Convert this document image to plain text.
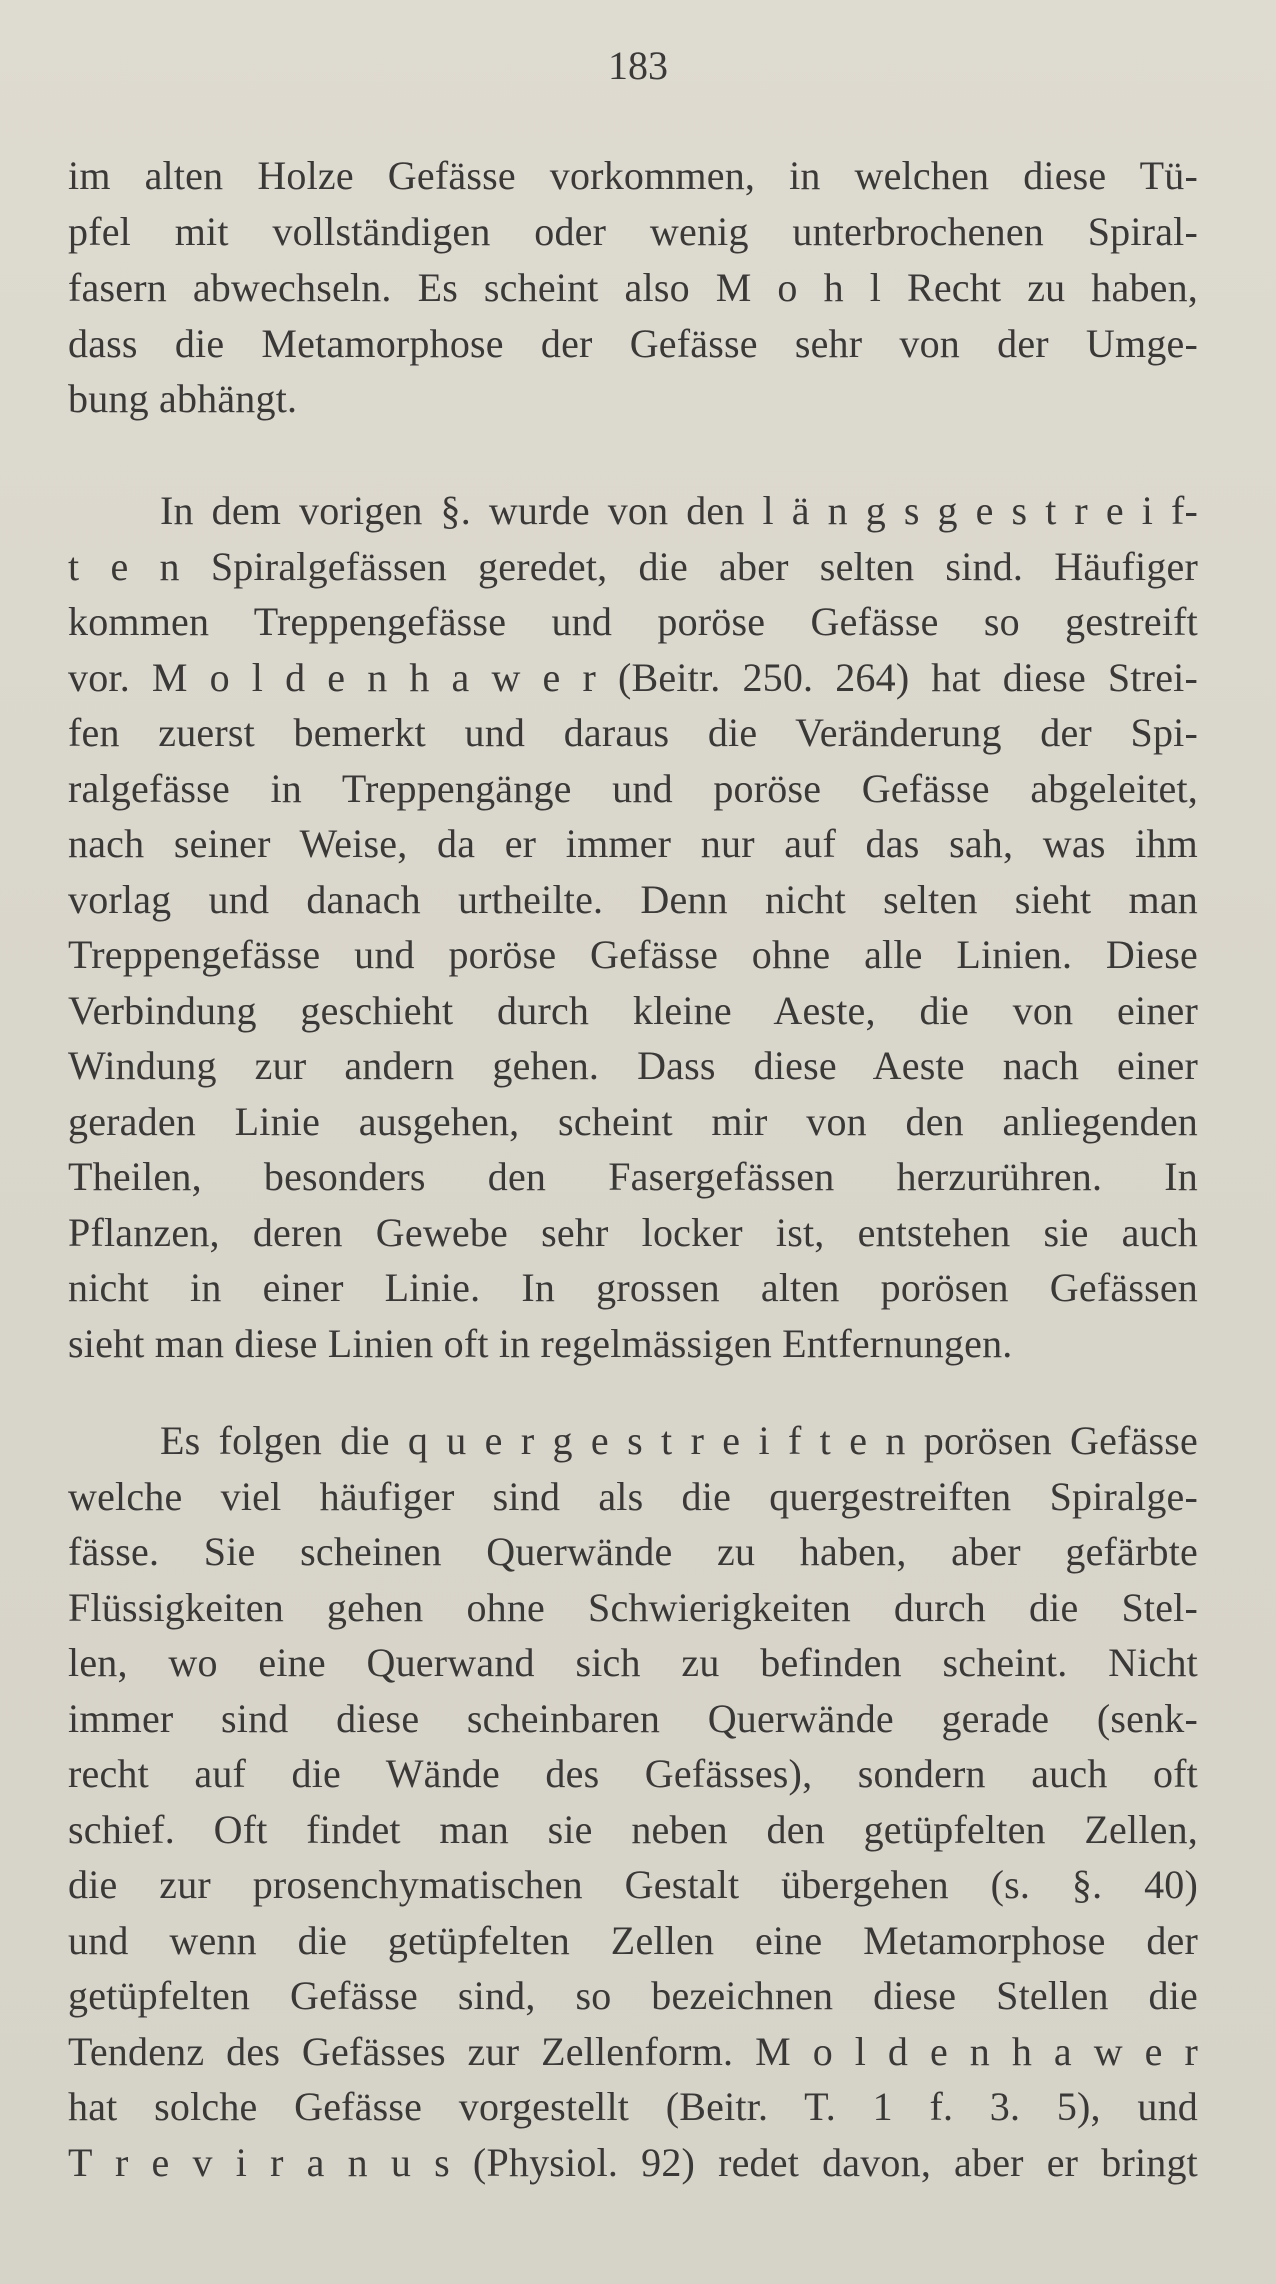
183
im alten Holze Gefässe vorkommen, in welchen diese Tü-
pfel mit vollständigen oder wenig unterbrochenen Spiral-
fasern abwechseln. Es scheint also M o h l Recht zu haben,
dass die Metamorphose der Gefässe sehr von der Umge-
bung abhängt.
In dem vorigen §. wurde von den l ä n g s g e s t r e i f-
t e n Spiralgefässen geredet, die aber selten sind. Häufiger
kommen Treppengefässe und poröse Gefässe so gestreift
vor. M o l d e n h a w e r (Beitr. 250. 264) hat diese Strei-
fen zuerst bemerkt und daraus die Veränderung der Spi-
ralgefässe in Treppengänge und poröse Gefässe abgeleitet,
nach seiner Weise, da er immer nur auf das sah, was ihm
vorlag und danach urtheilte. Denn nicht selten sieht man
Treppengefässe und poröse Gefässe ohne alle Linien. Diese
Verbindung geschieht durch kleine Aeste, die von einer
Windung zur andern gehen. Dass diese Aeste nach einer
geraden Linie ausgehen, scheint mir von den anliegenden
Theilen, besonders den Fasergefässen herzurühren. In
Pflanzen, deren Gewebe sehr locker ist, entstehen sie auch
nicht in einer Linie. In grossen alten porösen Gefässen
sieht man diese Linien oft in regelmässigen Entfernungen.
Es folgen die q u e r g e s t r e i f t e n porösen Gefässe
welche viel häufiger sind als die quergestreiften Spiralge-
fässe. Sie scheinen Querwände zu haben, aber gefärbte
Flüssigkeiten gehen ohne Schwierigkeiten durch die Stel-
len, wo eine Querwand sich zu befinden scheint. Nicht
immer sind diese scheinbaren Querwände gerade (senk-
recht auf die Wände des Gefässes), sondern auch oft
schief. Oft findet man sie neben den getüpfelten Zellen,
die zur prosenchymatischen Gestalt übergehen (s. §. 40)
und wenn die getüpfelten Zellen eine Metamorphose der
getüpfelten Gefässe sind, so bezeichnen diese Stellen die
Tendenz des Gefässes zur Zellenform. M o l d e n h a w e r
hat solche Gefässe vorgestellt (Beitr. T. 1 f. 3. 5), und
T r e v i r a n u s (Physiol. 92) redet davon, aber er bringt
